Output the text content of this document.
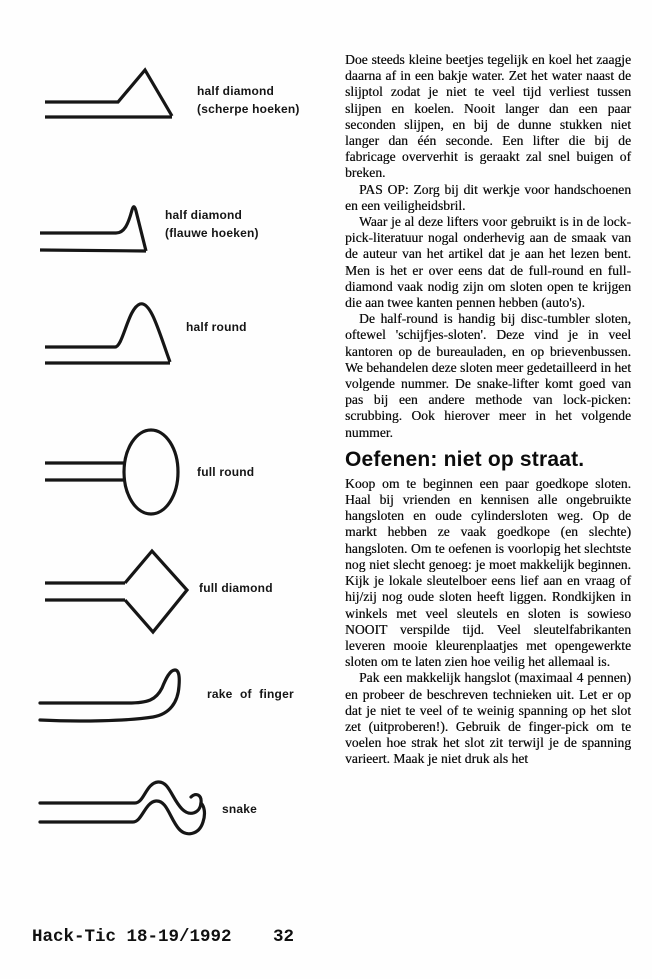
half diamond
(scherpe hoeken)
half diamond
(flauwe hoeken)
half round
full round
full diamond
rake of finger
snake

Doe steeds kleine beetjes tegelijk en koel het zaagje daarna af in een bakje water. Zet het water naast de slijptol zodat je niet te veel tijd verliest tussen slijpen en koelen. Nooit langer dan een paar seconden slijpen, en bij de dunne stukken niet langer dan één seconde. Een lifter die bij de fabricage oververhit is geraakt zal snel buigen of breken.

PAS OP: Zorg bij dit werkje voor handschoenen en een veiligheidsbril.

Waar je al deze lifters voor gebruikt is in de lock-pick-literatuur nogal onderhevig aan de smaak van de auteur van het artikel dat je aan het lezen bent. Men is het er over eens dat de full-round en full-diamond vaak nodig zijn om sloten open te krijgen die aan twee kanten pennen hebben (auto's).

De half-round is handig bij disc-tumbler sloten, oftewel 'schijfjes-sloten'. Deze vind je in veel kantoren op de bureauladen, en op brievenbussen. We behandelen deze sloten meer gedetailleerd in het volgende nummer. De snake-lifter komt goed van pas bij een andere methode van lock-picken: scrubbing. Ook hierover meer in het volgende nummer.

Oefenen: niet op straat.

Koop om te beginnen een paar goedkope sloten. Haal bij vrienden en kennisen alle ongebruikte hangsloten en oude cylindersloten weg. Op de markt hebben ze vaak goedkope (en slechte) hangsloten. Om te oefenen is voorlopig het slechtste nog niet slecht genoeg: je moet makkelijk beginnen. Kijk je lokale sleutelboer eens lief aan en vraag of hij/zij nog oude sloten heeft liggen. Rondkijken in winkels met veel sleutels en sloten is sowieso NOOIT verspilde tijd. Veel sleutelfabrikanten leveren mooie kleurenplaatjes met opengewerkte sloten om te laten zien hoe veilig het allemaal is.

Pak een makkelijk hangslot (maximaal 4 pennen) en probeer de beschreven technieken uit. Let er op dat je niet te veel of te weinig spanning op het slot zet (uitproberen!). Gebruik de finger-pick om te voelen hoe strak het slot zit terwijl je de spanning varieert. Maak je niet druk als het

Hack-Tic 18-19/1992 32
